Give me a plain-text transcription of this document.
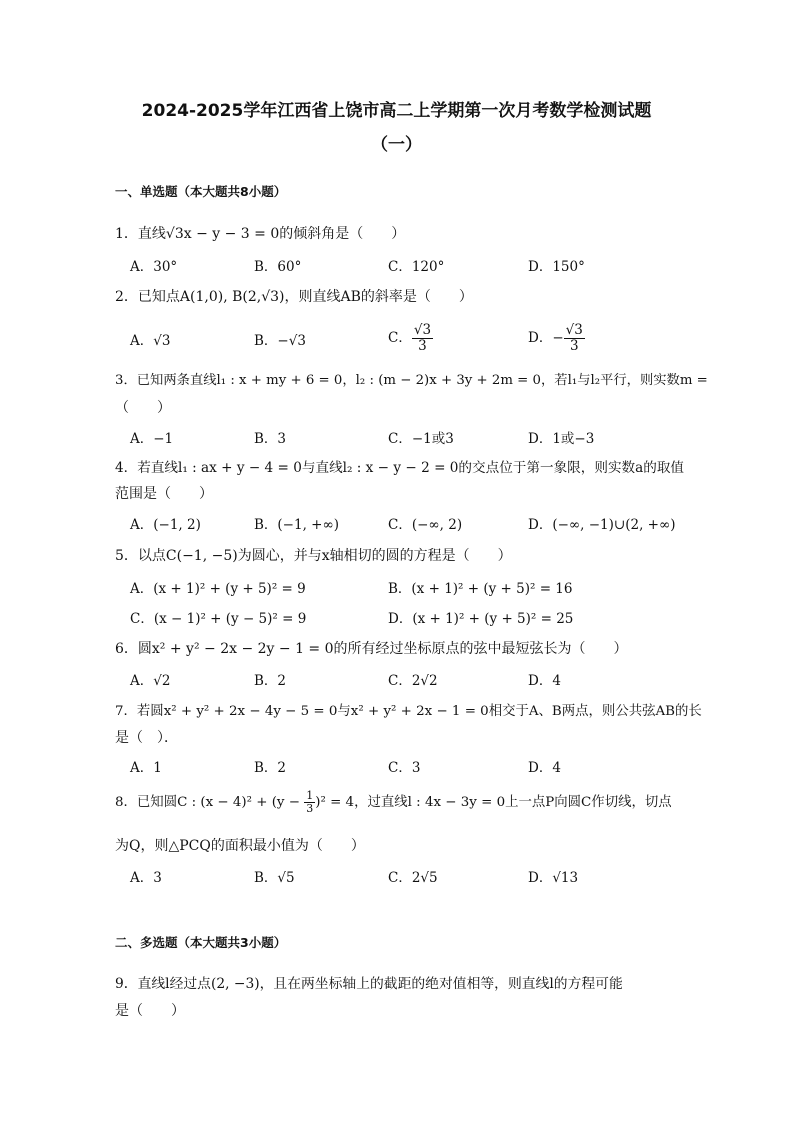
2024-2025学年江西省上饶市高二上学期第一次月考数学检测试题
（一）
一、单选题（本大题共8小题）
1．直线√3x − y − 3 = 0的倾斜角是（　　）
A．30°	B．60°	C．120°	D．150°
2．已知点A(1,0), B(2,√3)，则直线AB的斜率是（　　）
A．√3	B．−√3	C． $\frac{√3}{3}$	D．− $\frac{√3}{3}$
3．已知两条直线l₁ : x + my + 6 = 0，l₂ : (m − 2)x + 3y + 2m = 0，若l₁与l₂平行，则实数m =
（　　）
A．−1	B．3	C．−1或3	D．1或−3
4．若直线l₁ : ax + y − 4 = 0与直线l₂ : x − y − 2 = 0的交点位于第一象限，则实数a的取值
范围是（　　）
A．(−1, 2)	B．(−1, +∞)	C．(−∞, 2)	D．(−∞, −1)∪(2, +∞)
5．以点C(−1, −5)为圆心，并与x轴相切的圆的方程是（　　）
A．(x + 1)² + (y + 5)² = 9	B．(x + 1)² + (y + 5)² = 16
C．(x − 1)² + (y − 5)² = 9	D．(x + 1)² + (y + 5)² = 25
6．圆x² + y² − 2x − 2y − 1 = 0的所有经过坐标原点的弦中最短弦长为（　　）
A．√2	B．2	C．2√2	D．4
7．若圆x² + y² + 2x − 4y − 5 = 0与x² + y² + 2x − 1 = 0相交于A、B两点，则公共弦AB的长
是（　）．
A．1	B．2	C．3	D．4
8．已知圆C : $(x - 4)^2 + (y - \frac{1}{3} )^2 = 4$，过直线l : 4x − 3y = 0上一点P向圆C作切线，切点
为Q，则△PCQ的面积最小值为（　　）
A．3	B．√5	C．2√5	D．√13
二、多选题（本大题共3小题）
9．直线l经过点(2, −3)，且在两坐标轴上的截距的绝对值相等，则直线l的方程可能
是（　　）
